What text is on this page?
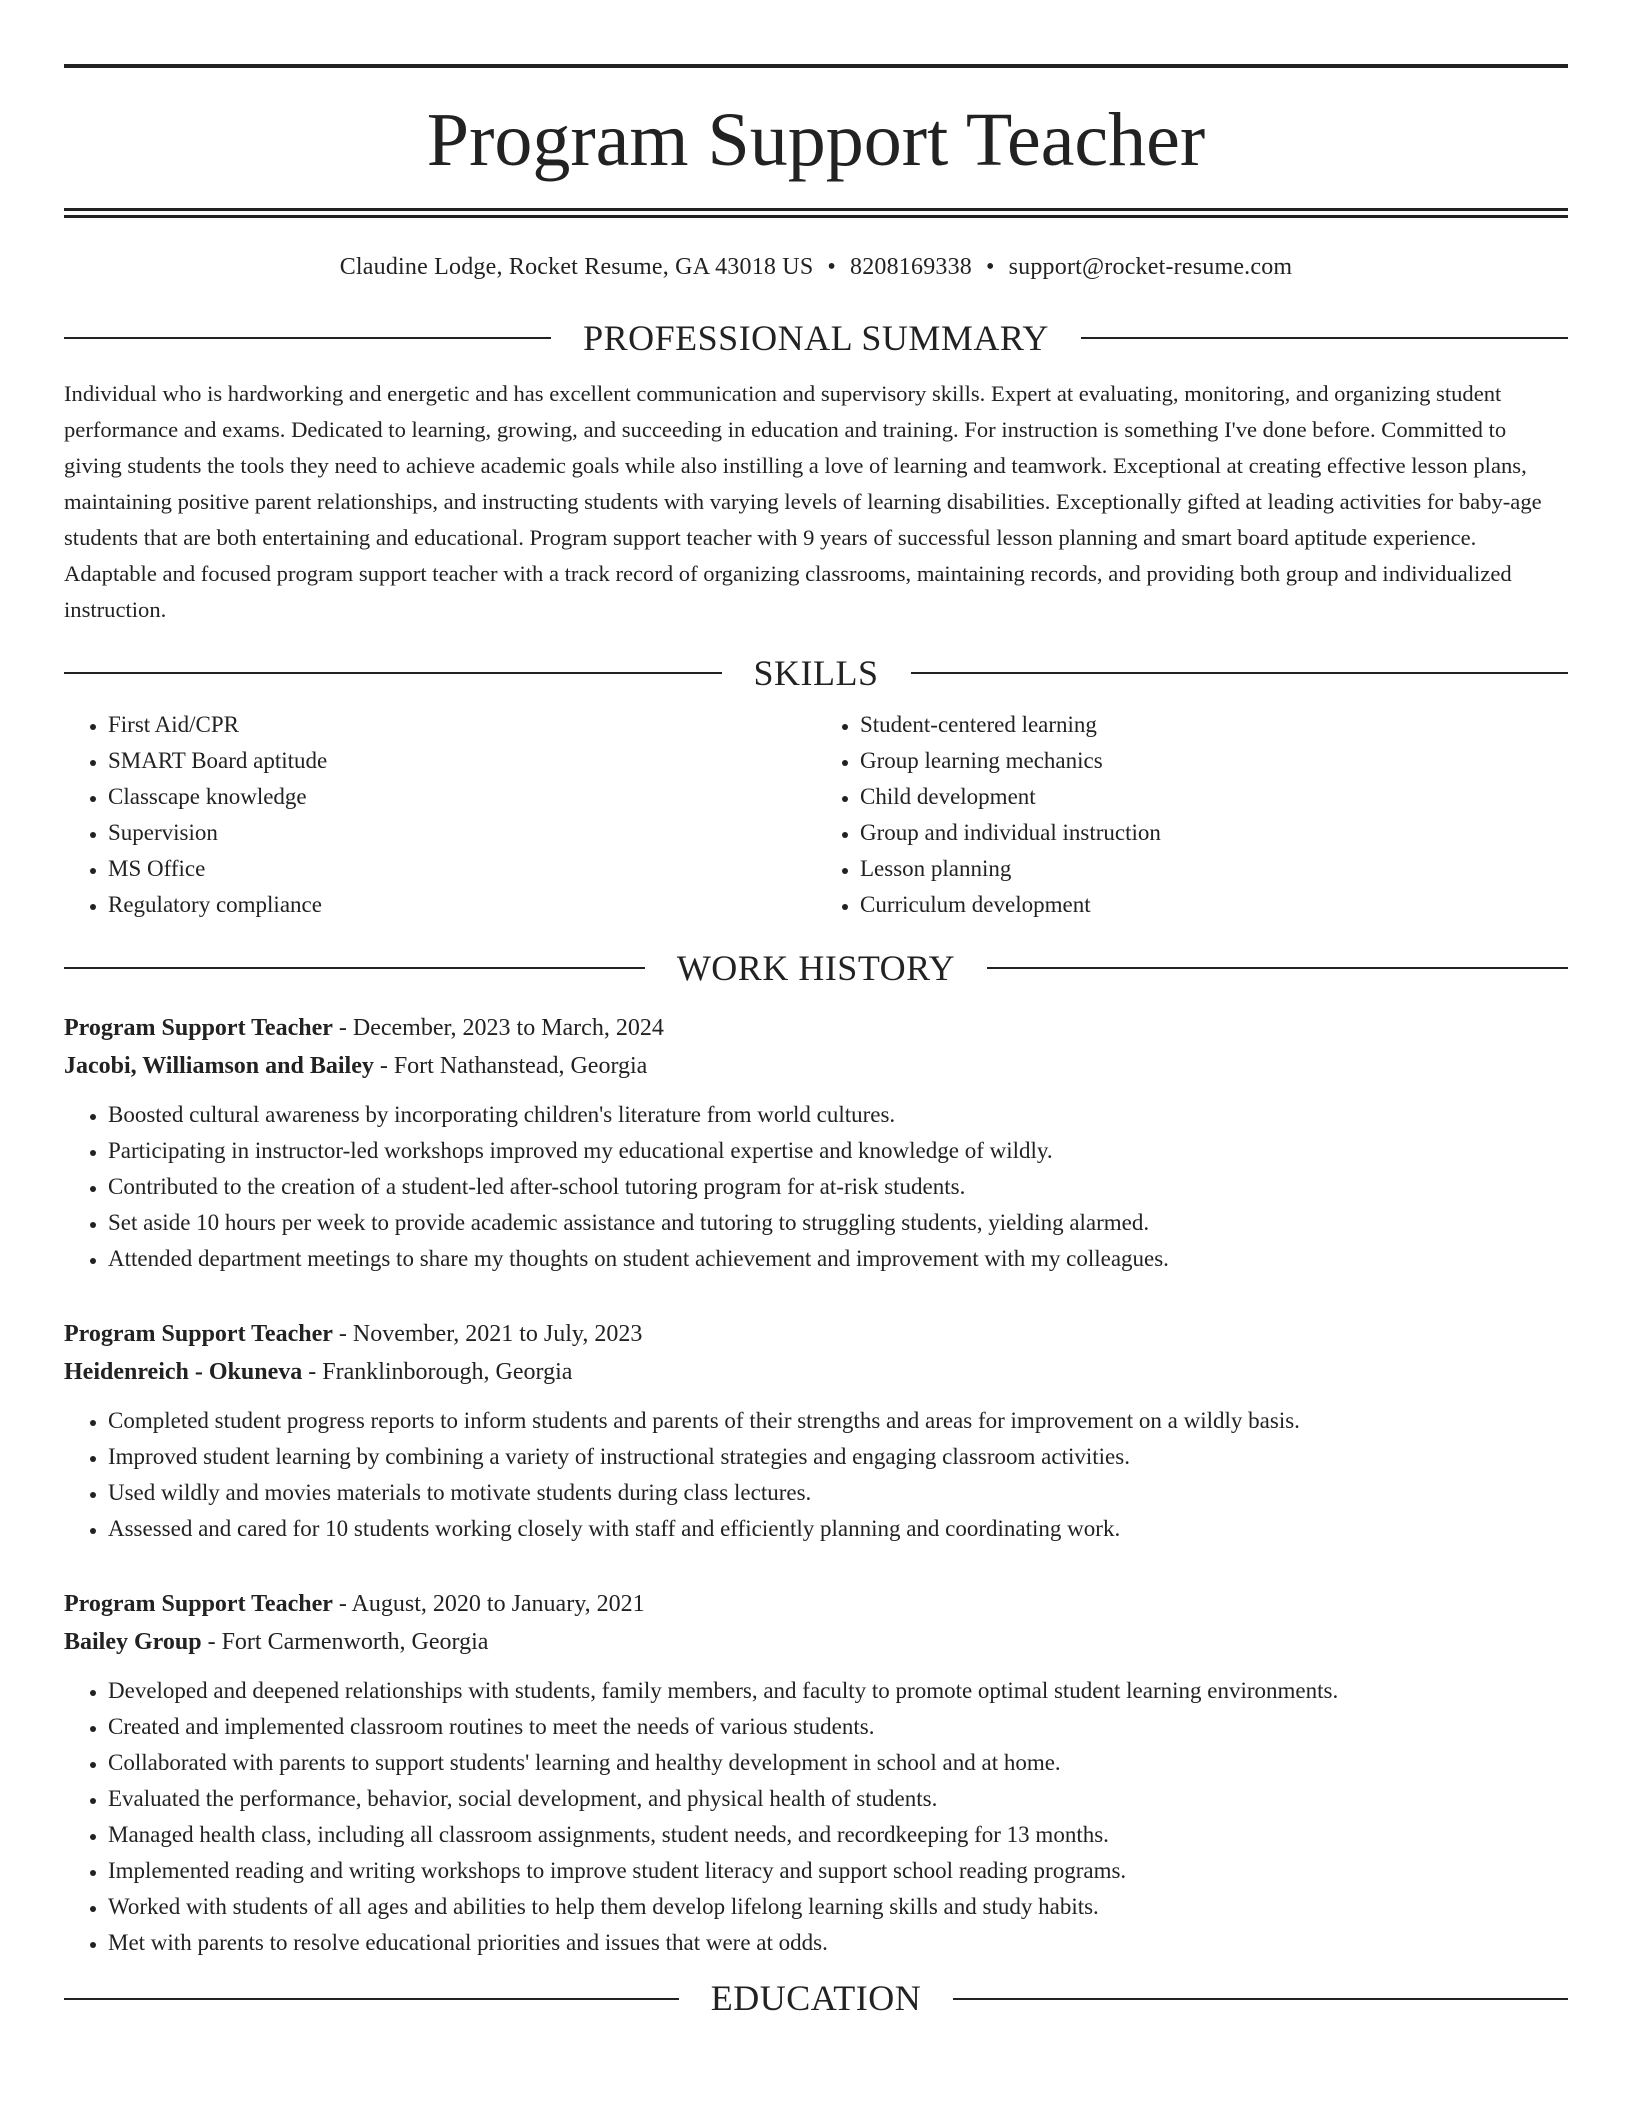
Program Support Teacher
Claudine Lodge, Rocket Resume, GA 43018 US • 8208169338 • support@rocket-resume.com
PROFESSIONAL SUMMARY

Individual who is hardworking and energetic and has excellent communication and supervisory skills. Expert at evaluating, monitoring, and organizing student performance and exams. Dedicated to learning, growing, and succeeding in education and training. For instruction is something I've done before. Committed to giving students the tools they need to achieve academic goals while also instilling a love of learning and teamwork. Exceptional at creating effective lesson plans, maintaining positive parent relationships, and instructing students with varying levels of learning disabilities. Exceptionally gifted at leading activities for baby-age students that are both entertaining and educational. Program support teacher with 9 years of successful lesson planning and smart board aptitude experience. Adaptable and focused program support teacher with a track record of organizing classrooms, maintaining records, and providing both group and individualized instruction.

SKILLS
• First Aid/CPR
• SMART Board aptitude
• Classcape knowledge
• Supervision
• MS Office
• Regulatory compliance
• Student-centered learning
• Group learning mechanics
• Child development
• Group and individual instruction
• Lesson planning
• Curriculum development
WORK HISTORY
Program Support Teacher - December, 2023 to March, 2024
Jacobi, Williamson and Bailey - Fort Nathanstead, Georgia
• Boosted cultural awareness by incorporating children's literature from world cultures.
• Participating in instructor-led workshops improved my educational expertise and knowledge of wildly.
• Contributed to the creation of a student-led after-school tutoring program for at-risk students.
• Set aside 10 hours per week to provide academic assistance and tutoring to struggling students, yielding alarmed.
• Attended department meetings to share my thoughts on student achievement and improvement with my colleagues.
Program Support Teacher - November, 2021 to July, 2023
Heidenreich - Okuneva - Franklinborough, Georgia
• Completed student progress reports to inform students and parents of their strengths and areas for improvement on a wildly basis.
• Improved student learning by combining a variety of instructional strategies and engaging classroom activities.
• Used wildly and movies materials to motivate students during class lectures.
• Assessed and cared for 10 students working closely with staff and efficiently planning and coordinating work.
Program Support Teacher - August, 2020 to January, 2021
Bailey Group - Fort Carmenworth, Georgia
• Developed and deepened relationships with students, family members, and faculty to promote optimal student learning environments.
• Created and implemented classroom routines to meet the needs of various students.
• Collaborated with parents to support students' learning and healthy development in school and at home.
• Evaluated the performance, behavior, social development, and physical health of students.
• Managed health class, including all classroom assignments, student needs, and recordkeeping for 13 months.
• Implemented reading and writing workshops to improve student literacy and support school reading programs.
• Worked with students of all ages and abilities to help them develop lifelong learning skills and study habits.
• Met with parents to resolve educational priorities and issues that were at odds.
EDUCATION
